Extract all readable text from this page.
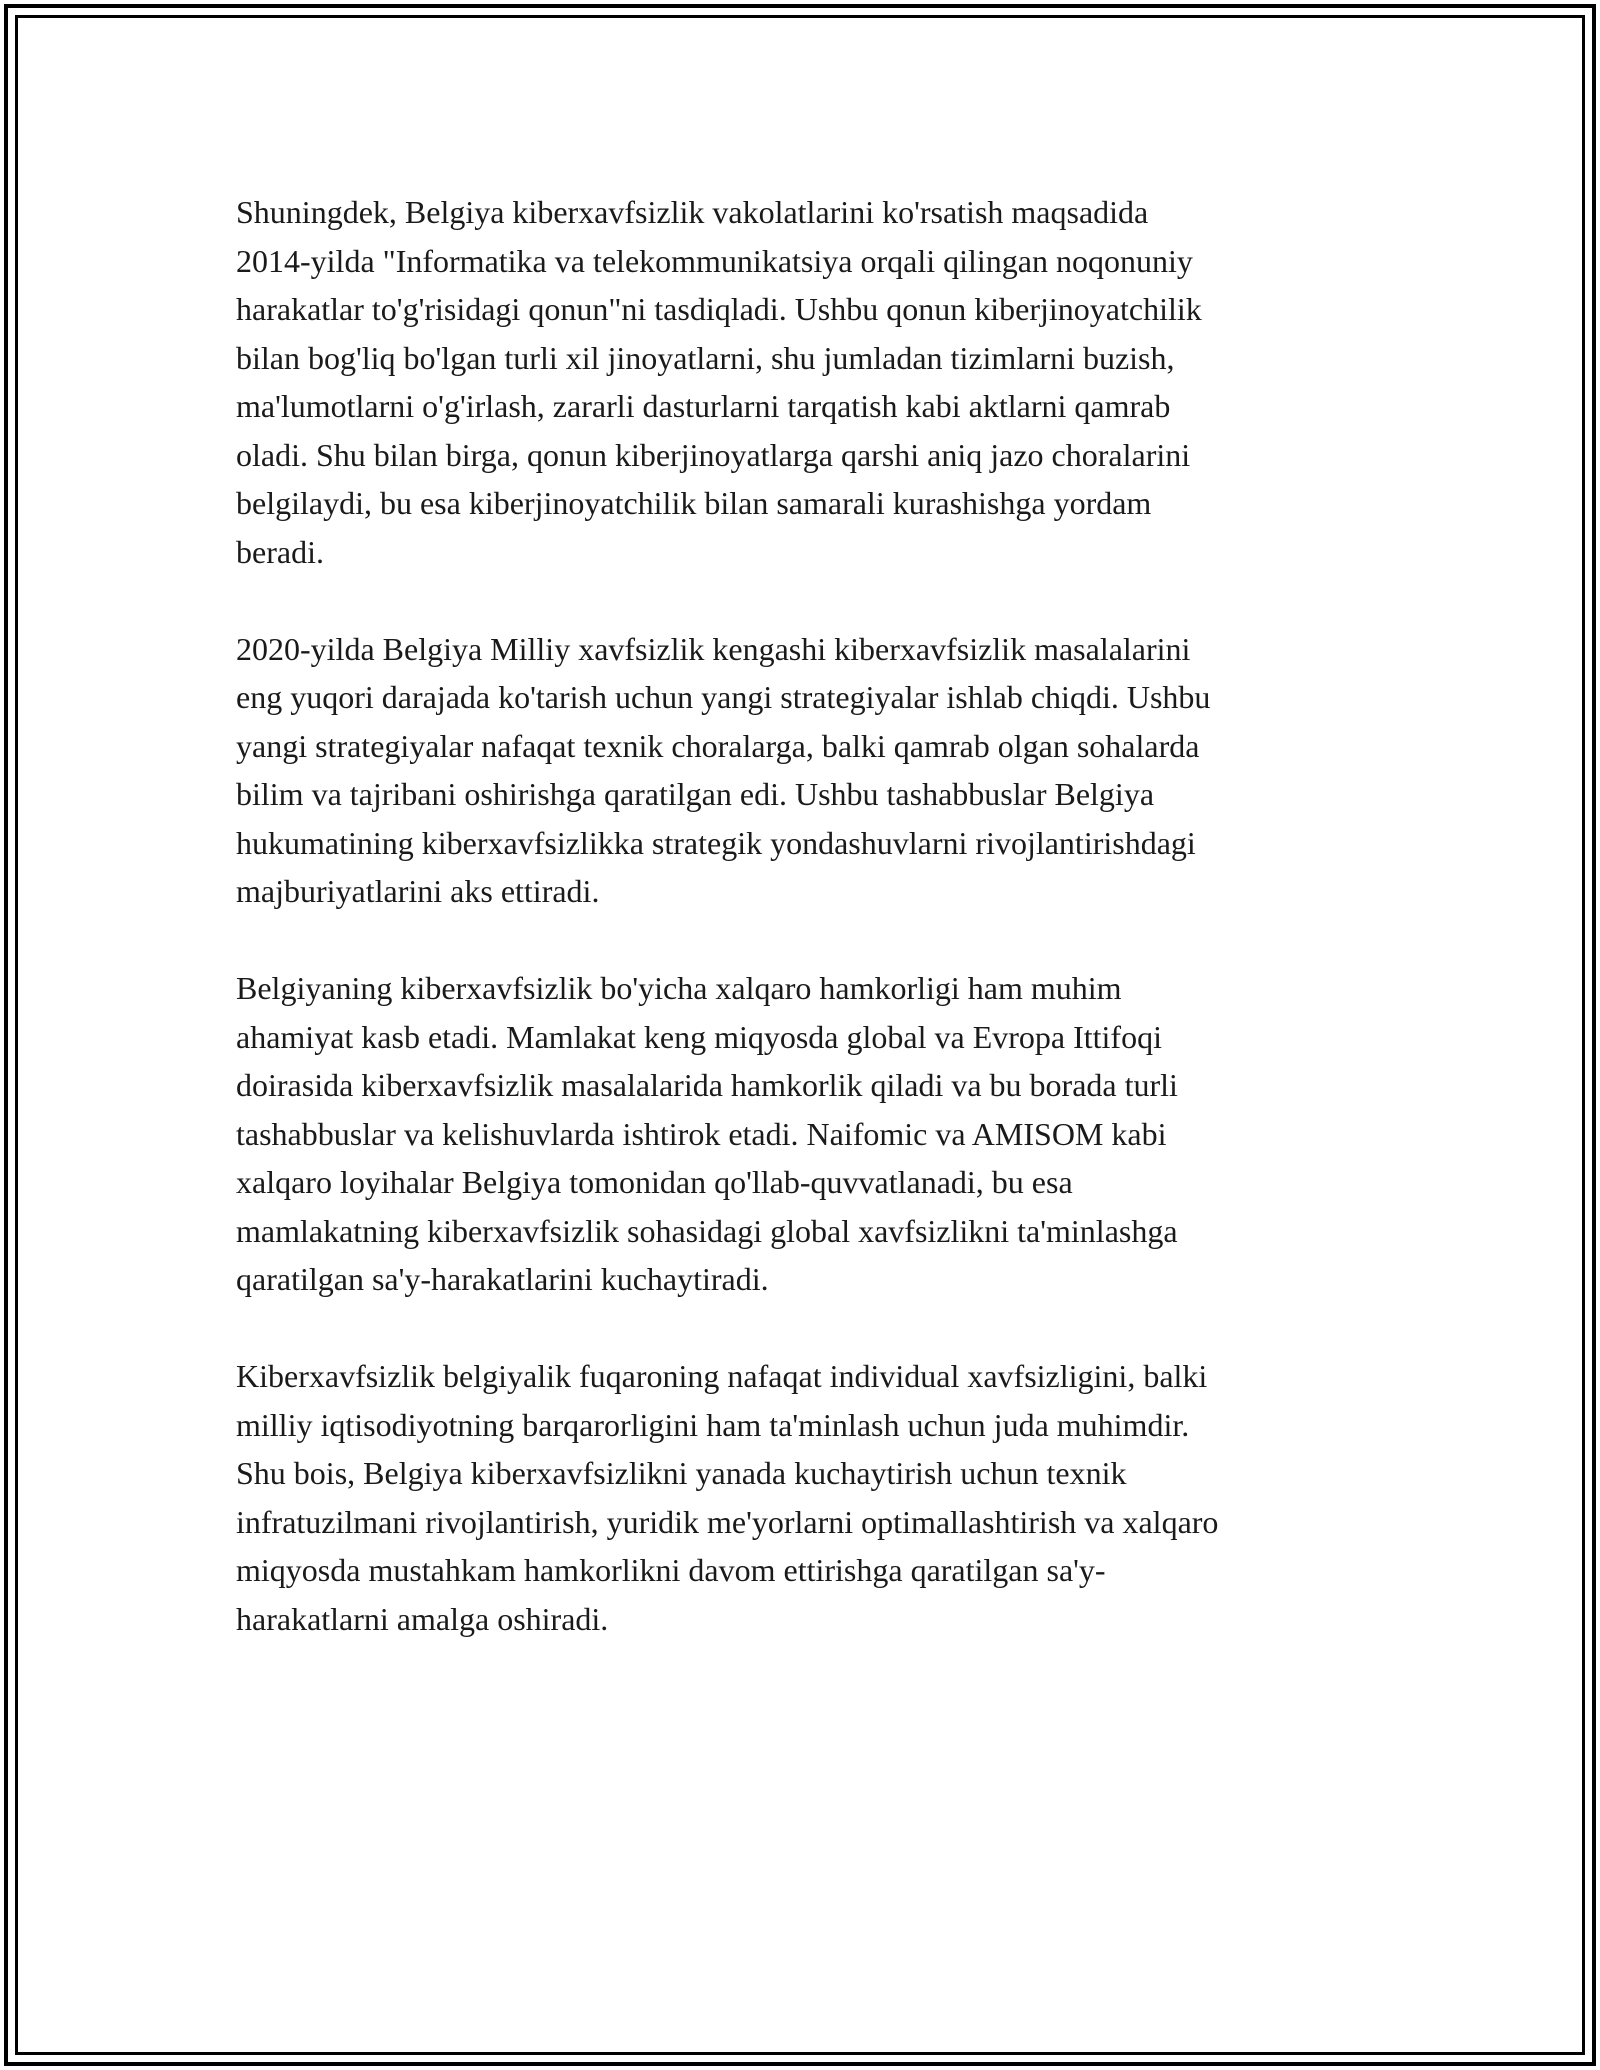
Shuningdek, Belgiya kiberxavfsizlik vakolatlarini ko'rsatish maqsadida
2014-yilda "Informatika va telekommunikatsiya orqali qilingan noqonuniy
harakatlar to'g'risidagi qonun"ni tasdiqladi. Ushbu qonun kiberjinoyatchilik
bilan bog'liq bo'lgan turli xil jinoyatlarni, shu jumladan tizimlarni buzish,
ma'lumotlarni o'g'irlash, zararli dasturlarni tarqatish kabi aktlarni qamrab
oladi. Shu bilan birga, qonun kiberjinoyatlarga qarshi aniq jazo choralarini
belgilaydi, bu esa kiberjinoyatchilik bilan samarali kurashishga yordam
beradi.

2020-yilda Belgiya Milliy xavfsizlik kengashi kiberxavfsizlik masalalarini
eng yuqori darajada ko'tarish uchun yangi strategiyalar ishlab chiqdi. Ushbu
yangi strategiyalar nafaqat texnik choralarga, balki qamrab olgan sohalarda
bilim va tajribani oshirishga qaratilgan edi. Ushbu tashabbuslar Belgiya
hukumatining kiberxavfsizlikka strategik yondashuvlarni rivojlantirishdagi
majburiyatlarini aks ettiradi.

Belgiyaning kiberxavfsizlik bo'yicha xalqaro hamkorligi ham muhim
ahamiyat kasb etadi. Mamlakat keng miqyosda global va Evropa Ittifoqi
doirasida kiberxavfsizlik masalalarida hamkorlik qiladi va bu borada turli
tashabbuslar va kelishuvlarda ishtirok etadi. Naifomic va AMISOM kabi
xalqaro loyihalar Belgiya tomonidan qo'llab-quvvatlanadi, bu esa
mamlakatning kiberxavfsizlik sohasidagi global xavfsizlikni ta'minlashga
qaratilgan sa'y-harakatlarini kuchaytiradi.

Kiberxavfsizlik belgiyalik fuqaroning nafaqat individual xavfsizligini, balki
milliy iqtisodiyotning barqarorligini ham ta'minlash uchun juda muhimdir.
Shu bois, Belgiya kiberxavfsizlikni yanada kuchaytirish uchun texnik
infratuzilmani rivojlantirish, yuridik me'yorlarni optimallashtirish va xalqaro
miqyosda mustahkam hamkorlikni davom ettirishga qaratilgan sa'y-
harakatlarni amalga oshiradi.
